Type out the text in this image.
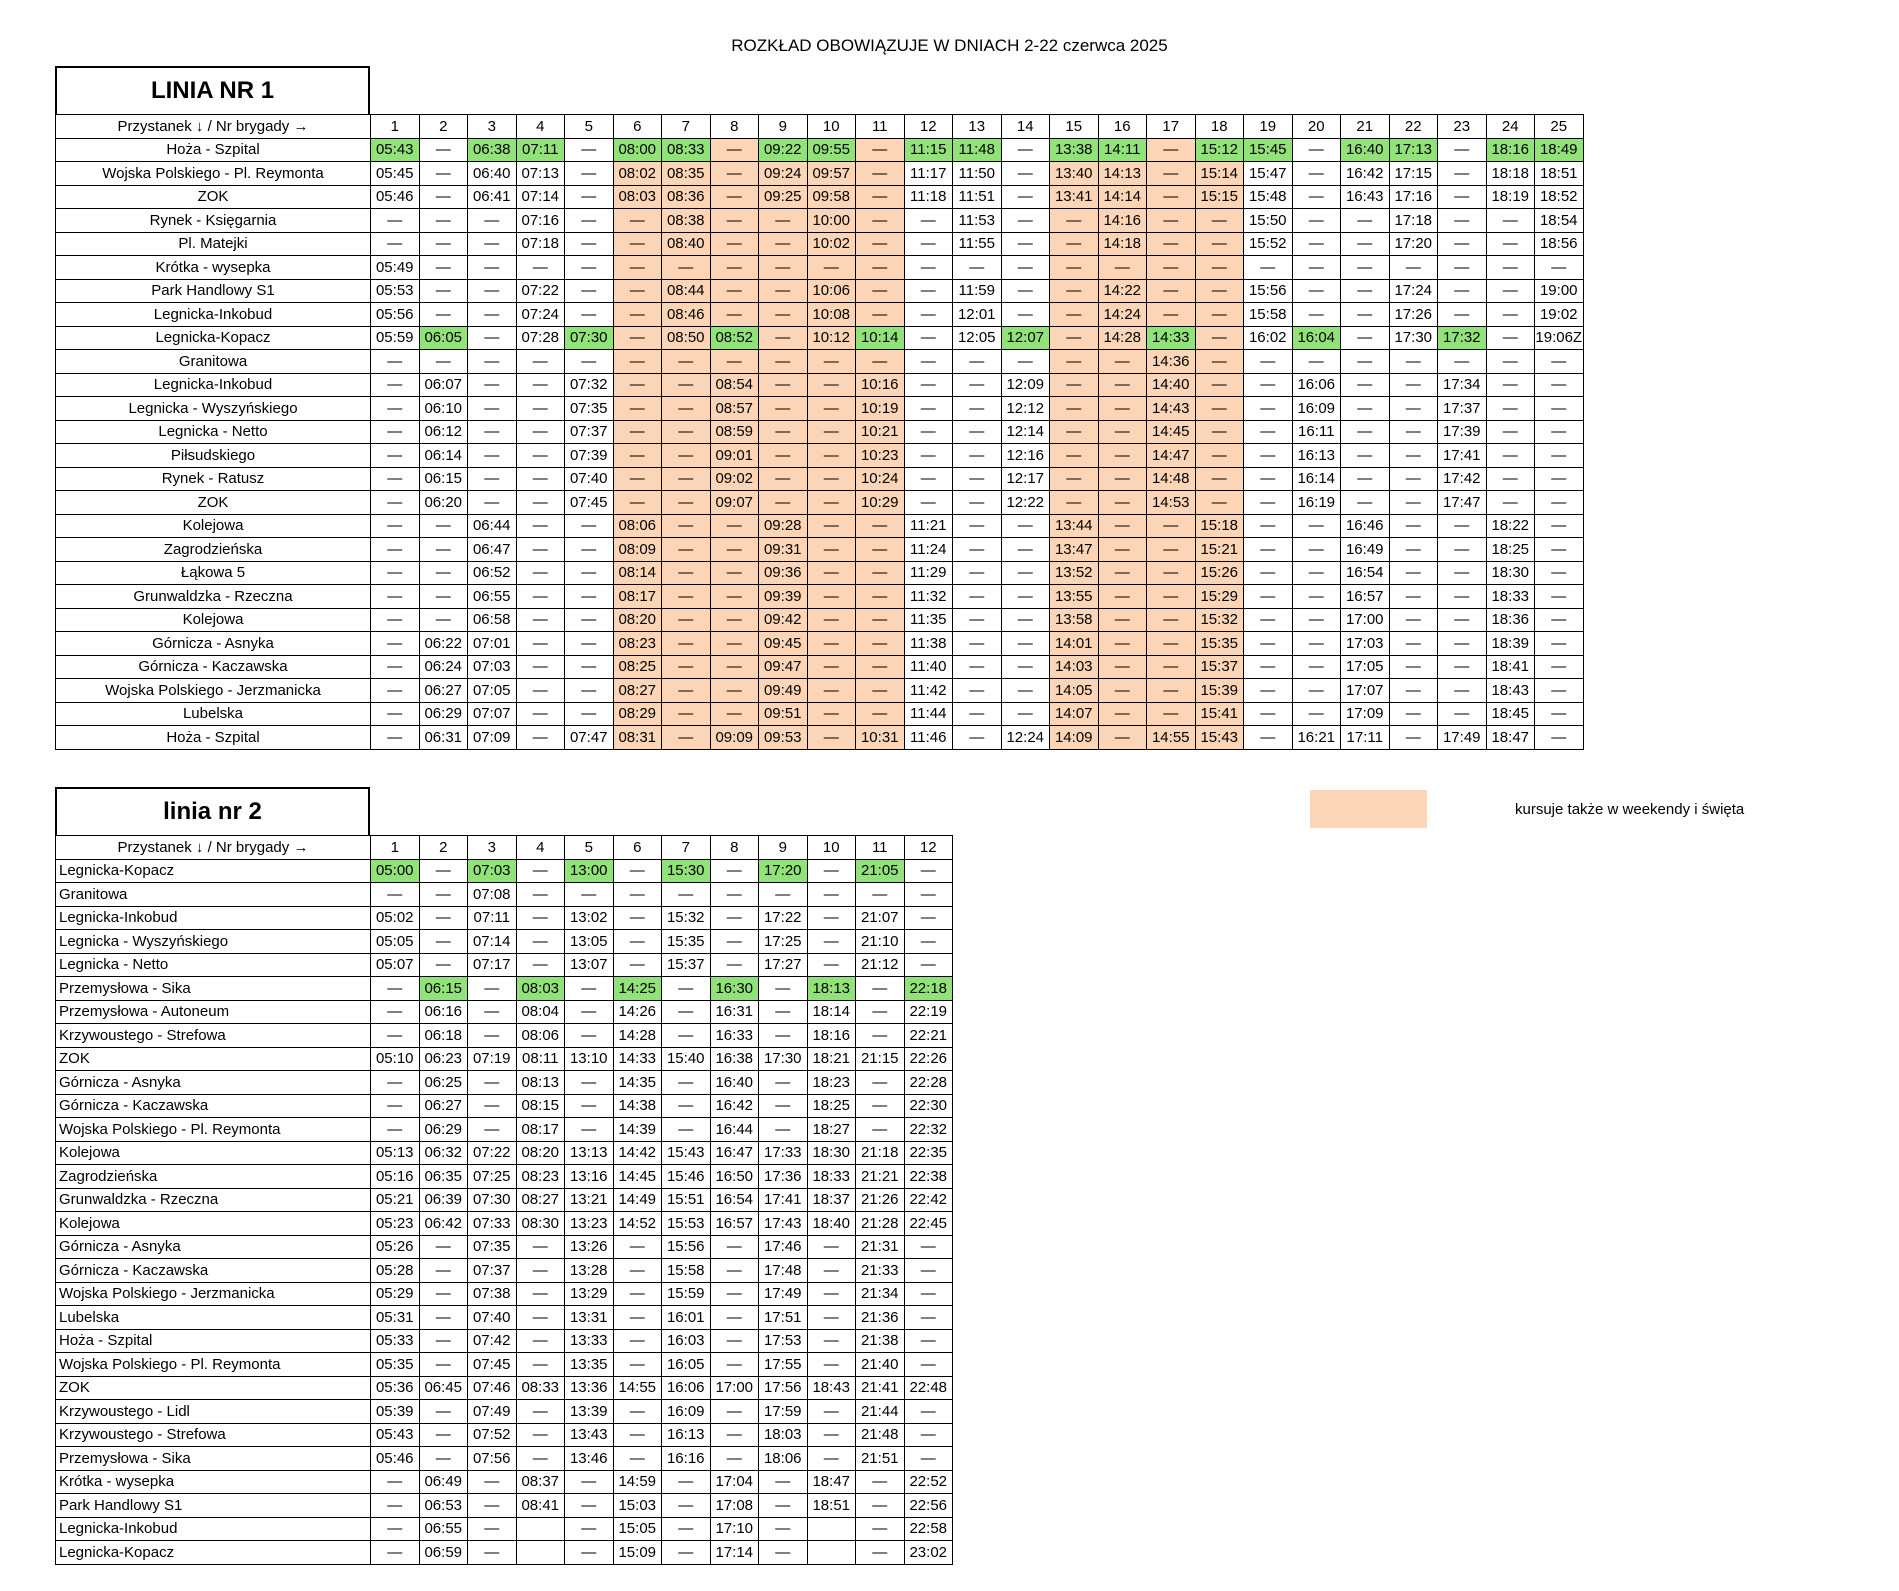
ROZKŁAD OBOWIĄZUJE W DNIACH 2-22 czerwca 2025
LINIA NR 1
Przystanek ↓ / Nr brygady →	1	2	3	4	5	6	7	8	9	10	11	12	13	14	15	16	17	18	19	20	21	22	23	24	25
Hoża - Szpital	05:43	—	06:38	07:11	—	08:00	08:33	—	09:22	09:55	—	11:15	11:48	—	13:38	14:11	—	15:12	15:45	—	16:40	17:13	—	18:16	18:49
Wojska Polskiego - Pl. Reymonta	05:45	—	06:40	07:13	—	08:02	08:35	—	09:24	09:57	—	11:17	11:50	—	13:40	14:13	—	15:14	15:47	—	16:42	17:15	—	18:18	18:51
ZOK	05:46	—	06:41	07:14	—	08:03	08:36	—	09:25	09:58	—	11:18	11:51	—	13:41	14:14	—	15:15	15:48	—	16:43	17:16	—	18:19	18:52
Rynek - Księgarnia	—	—	—	07:16	—	—	08:38	—	—	10:00	—	—	11:53	—	—	14:16	—	—	15:50	—	—	17:18	—	—	18:54
Pl. Matejki	—	—	—	07:18	—	—	08:40	—	—	10:02	—	—	11:55	—	—	14:18	—	—	15:52	—	—	17:20	—	—	18:56
Krótka - wysepka	05:49	—	—	—	—	—	—	—	—	—	—	—	—	—	—	—	—	—	—	—	—	—	—	—	—
Park Handlowy S1	05:53	—	—	07:22	—	—	08:44	—	—	10:06	—	—	11:59	—	—	14:22	—	—	15:56	—	—	17:24	—	—	19:00
Legnicka-Inkobud	05:56	—	—	07:24	—	—	08:46	—	—	10:08	—	—	12:01	—	—	14:24	—	—	15:58	—	—	17:26	—	—	19:02
Legnicka-Kopacz	05:59	06:05	—	07:28	07:30	—	08:50	08:52	—	10:12	10:14	—	12:05	12:07	—	14:28	14:33	—	16:02	16:04	—	17:30	17:32	—	19:06Z
Granitowa	—	—	—	—	—	—	—	—	—	—	—	—	—	—	—	—	14:36	—	—	—	—	—	—	—	—
Legnicka-Inkobud	—	06:07	—	—	07:32	—	—	08:54	—	—	10:16	—	—	12:09	—	—	14:40	—	—	16:06	—	—	17:34	—	—
Legnicka - Wyszyńskiego	—	06:10	—	—	07:35	—	—	08:57	—	—	10:19	—	—	12:12	—	—	14:43	—	—	16:09	—	—	17:37	—	—
Legnicka - Netto	—	06:12	—	—	07:37	—	—	08:59	—	—	10:21	—	—	12:14	—	—	14:45	—	—	16:11	—	—	17:39	—	—
Piłsudskiego	—	06:14	—	—	07:39	—	—	09:01	—	—	10:23	—	—	12:16	—	—	14:47	—	—	16:13	—	—	17:41	—	—
Rynek - Ratusz	—	06:15	—	—	07:40	—	—	09:02	—	—	10:24	—	—	12:17	—	—	14:48	—	—	16:14	—	—	17:42	—	—
ZOK	—	06:20	—	—	07:45	—	—	09:07	—	—	10:29	—	—	12:22	—	—	14:53	—	—	16:19	—	—	17:47	—	—
Kolejowa	—	—	06:44	—	—	08:06	—	—	09:28	—	—	11:21	—	—	13:44	—	—	15:18	—	—	16:46	—	—	18:22	—
Zagrodzieńska	—	—	06:47	—	—	08:09	—	—	09:31	—	—	11:24	—	—	13:47	—	—	15:21	—	—	16:49	—	—	18:25	—
Łąkowa 5	—	—	06:52	—	—	08:14	—	—	09:36	—	—	11:29	—	—	13:52	—	—	15:26	—	—	16:54	—	—	18:30	—
Grunwaldzka - Rzeczna	—	—	06:55	—	—	08:17	—	—	09:39	—	—	11:32	—	—	13:55	—	—	15:29	—	—	16:57	—	—	18:33	—
Kolejowa	—	—	06:58	—	—	08:20	—	—	09:42	—	—	11:35	—	—	13:58	—	—	15:32	—	—	17:00	—	—	18:36	—
Górnicza - Asnyka	—	06:22	07:01	—	—	08:23	—	—	09:45	—	—	11:38	—	—	14:01	—	—	15:35	—	—	17:03	—	—	18:39	—
Górnicza - Kaczawska	—	06:24	07:03	—	—	08:25	—	—	09:47	—	—	11:40	—	—	14:03	—	—	15:37	—	—	17:05	—	—	18:41	—
Wojska Polskiego - Jerzmanicka	—	06:27	07:05	—	—	08:27	—	—	09:49	—	—	11:42	—	—	14:05	—	—	15:39	—	—	17:07	—	—	18:43	—
Lubelska	—	06:29	07:07	—	—	08:29	—	—	09:51	—	—	11:44	—	—	14:07	—	—	15:41	—	—	17:09	—	—	18:45	—
Hoża - Szpital	—	06:31	07:09	—	07:47	08:31	—	09:09	09:53	—	10:31	11:46	—	12:24	14:09	—	14:55	15:43	—	16:21	17:11	—	17:49	18:47	—
linia nr 2
Przystanek ↓ / Nr brygady →	1	2	3	4	5	6	7	8	9	10	11	12
Legnicka-Kopacz	05:00	—	07:03	—	13:00	—	15:30	—	17:20	—	21:05	—
Granitowa	—	—	07:08	—	—	—	—	—	—	—	—	—
Legnicka-Inkobud	05:02	—	07:11	—	13:02	—	15:32	—	17:22	—	21:07	—
Legnicka - Wyszyńskiego	05:05	—	07:14	—	13:05	—	15:35	—	17:25	—	21:10	—
Legnicka - Netto	05:07	—	07:17	—	13:07	—	15:37	—	17:27	—	21:12	—
Przemysłowa - Sika	—	06:15	—	08:03	—	14:25	—	16:30	—	18:13	—	22:18
Przemysłowa - Autoneum	—	06:16	—	08:04	—	14:26	—	16:31	—	18:14	—	22:19
Krzywoustego - Strefowa	—	06:18	—	08:06	—	14:28	—	16:33	—	18:16	—	22:21
ZOK	05:10	06:23	07:19	08:11	13:10	14:33	15:40	16:38	17:30	18:21	21:15	22:26
Górnicza - Asnyka	—	06:25	—	08:13	—	14:35	—	16:40	—	18:23	—	22:28
Górnicza - Kaczawska	—	06:27	—	08:15	—	14:38	—	16:42	—	18:25	—	22:30
Wojska Polskiego - Pl. Reymonta	—	06:29	—	08:17	—	14:39	—	16:44	—	18:27	—	22:32
Kolejowa	05:13	06:32	07:22	08:20	13:13	14:42	15:43	16:47	17:33	18:30	21:18	22:35
Zagrodzieńska	05:16	06:35	07:25	08:23	13:16	14:45	15:46	16:50	17:36	18:33	21:21	22:38
Grunwaldzka - Rzeczna	05:21	06:39	07:30	08:27	13:21	14:49	15:51	16:54	17:41	18:37	21:26	22:42
Kolejowa	05:23	06:42	07:33	08:30	13:23	14:52	15:53	16:57	17:43	18:40	21:28	22:45
Górnicza - Asnyka	05:26	—	07:35	—	13:26	—	15:56	—	17:46	—	21:31	—
Górnicza - Kaczawska	05:28	—	07:37	—	13:28	—	15:58	—	17:48	—	21:33	—
Wojska Polskiego - Jerzmanicka	05:29	—	07:38	—	13:29	—	15:59	—	17:49	—	21:34	—
Lubelska	05:31	—	07:40	—	13:31	—	16:01	—	17:51	—	21:36	—
Hoża - Szpital	05:33	—	07:42	—	13:33	—	16:03	—	17:53	—	21:38	—
Wojska Polskiego - Pl. Reymonta	05:35	—	07:45	—	13:35	—	16:05	—	17:55	—	21:40	—
ZOK	05:36	06:45	07:46	08:33	13:36	14:55	16:06	17:00	17:56	18:43	21:41	22:48
Krzywoustego - Lidl	05:39	—	07:49	—	13:39	—	16:09	—	17:59	—	21:44	—
Krzywoustego - Strefowa	05:43	—	07:52	—	13:43	—	16:13	—	18:03	—	21:48	—
Przemysłowa - Sika	05:46	—	07:56	—	13:46	—	16:16	—	18:06	—	21:51	—
Krótka - wysepka	—	06:49	—	08:37	—	14:59	—	17:04	—	18:47	—	22:52
Park Handlowy S1	—	06:53	—	08:41	—	15:03	—	17:08	—	18:51	—	22:56
Legnicka-Inkobud	—	06:55	—		—	15:05	—	17:10	—		—	22:58
Legnicka-Kopacz	—	06:59	—		—	15:09	—	17:14	—		—	23:02
kursuje także w weekendy i święta
